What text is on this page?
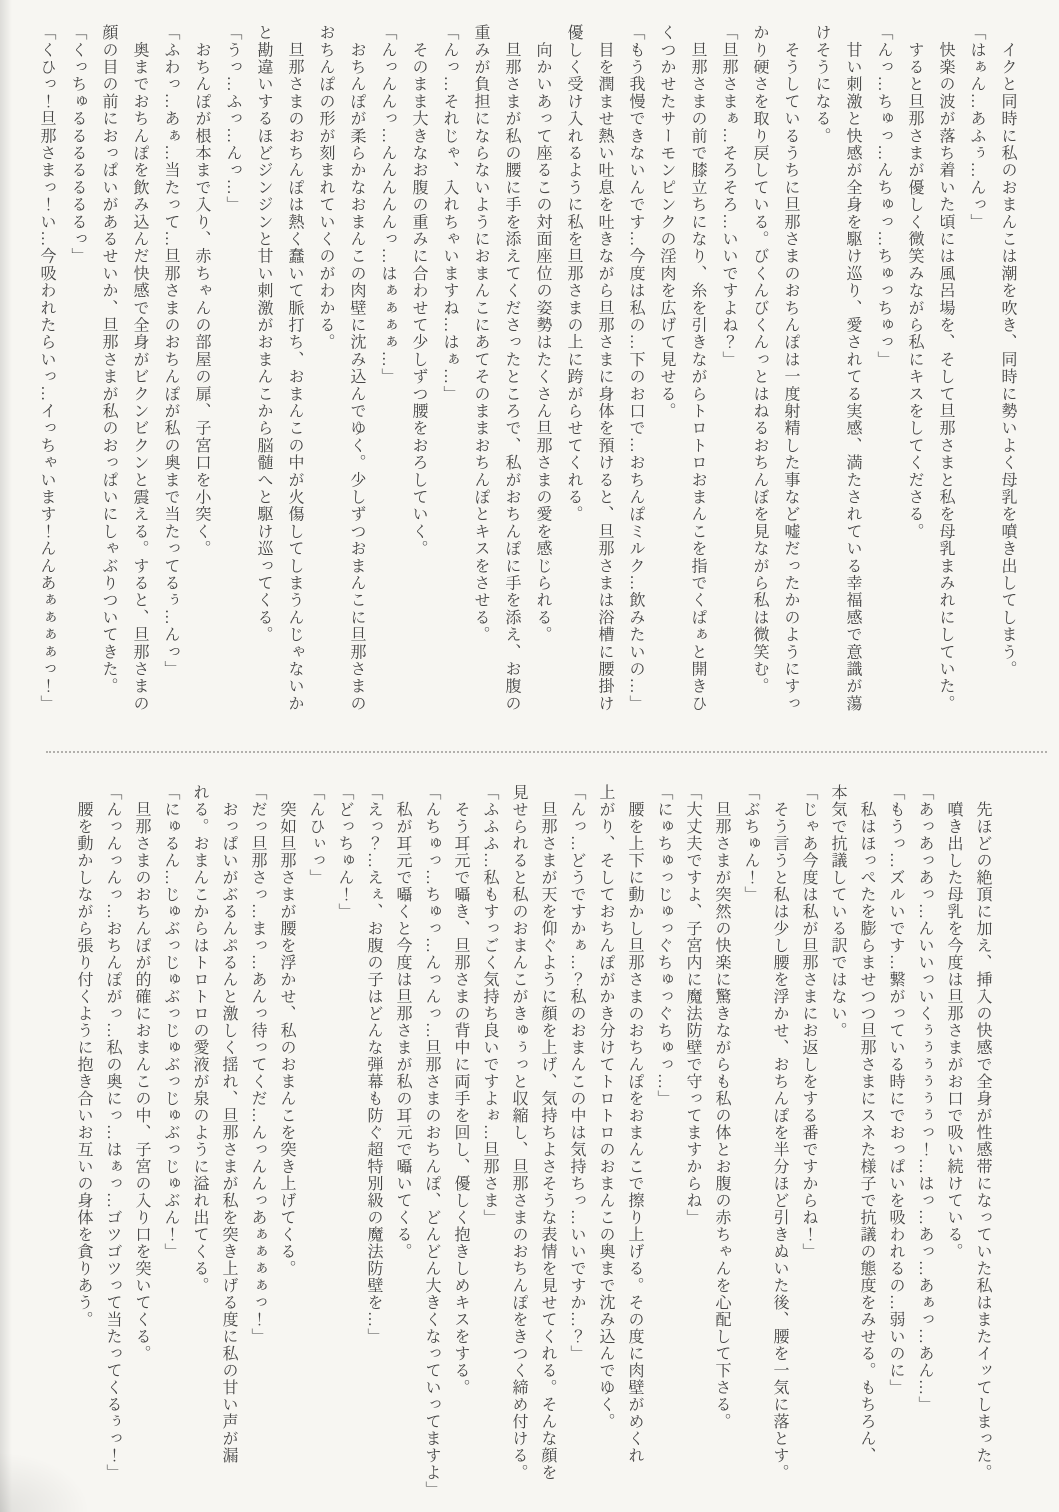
　イクと同時に私のおまんこは潮を吹き、同時に勢いよく母乳を噴き出してしまう。

「はぁん…あふぅ…んっ」

　快楽の波が落ち着いた頃には風呂場を、そして旦那さまと私を母乳まみれにしていた。

　すると旦那さまが優しく微笑みながら私にキスをしてくださる。

「んっ…ちゅっ…んちゅっ…ちゅっちゅっ」

　甘い刺激と快感が全身を駆け巡り、愛されてる実感、満たされている幸福感で意識が蕩

けそうになる。

　そうしているうちに旦那さまのおちんぽは一度射精した事など嘘だったかのようにすっ

かり硬さを取り戻している。びくんびくんっとはねるおちんぼを見ながら私は微笑む。

「旦那さまぁ…そろそろ…いいですよね？」

　旦那さまの前で膝立ちになり、糸を引きながらトロトロおまんこを指でくぱぁと開きひ

くつかせたサーモンピンクの淫肉を広げて見せる。

「もう我慢できないんです…今度は私の…下のお口で…おちんぽミルク…飲みたいの…」

　目を潤ませ熱い吐息を吐きながら旦那さまに身体を預けると、旦那さまは浴槽に腰掛け

優しく受け入れるように私を旦那さまの上に跨がらせてくれる。

　向かいあって座るこの対面座位の姿勢はたくさん旦那さまの愛を感じられる。

　旦那さまが私の腰に手を添えてくださったところで、私がおちんぽに手を添え、お腹の

重みが負担にならないようにおまんこにあてそのままおちんぽとキスをさせる。

「んっ…それじゃ、入れちゃいますね…はぁ…」

　そのまま大きなお腹の重みに合わせて少しずつ腰をおろしていく。

「んっんんっ…んんんんんっ…はぁぁぁぁ…」

　おちんぽが柔らかなおまんこの肉壁に沈み込んでゆく。少しずつおまんこに旦那さまの

おちんぽの形が刻まれていくのがわかる。

　旦那さまのおちんぽは熱く蠢いて脈打ち、おまんこの中が火傷してしまうんじゃないか

と勘違いするほどジンジンと甘い刺激がおまんこから脳髄へと駆け巡ってくる。

「うっ…ふっ…んっ…」

　おちんぽが根本まで入り、赤ちゃんの部屋の扉、子宮口を小突く。

「ふわっ…あぁ…当たって…旦那さまのおちんぽが私の奥まで当たってるぅ…んっ」

　奥までおちんぽを飲み込んだ快感で全身がビクンビクンと震える。すると、旦那さまの

顔の目の前におっぱいがあるせいか、旦那さまが私のおっぱいにしゃぶりついてきた。

「くっちゅるるるるるるるっ」

「くひっ！旦那さまっ！い…今吸われたらいっ…イっちゃいます！んんあぁぁぁぁっ！」

　先ほどの絶頂に加え、挿入の快感で全身が性感帯になっていた私はまたイッてしまった。

　噴き出した母乳を今度は旦那さまがお口で吸い続けている。

「あっあっあっ…んいいっいくぅぅぅぅぅぅっ！…はっ…あっ…あぁっ…あん…」

「もうっ…ズルいです…繋がっている時にでおっぱいを吸われるの…弱いのに」

　私はほっぺたを膨らませつつ旦那さまにスネた様子で抗議の態度をみせる。もちろん、

本気で抗議している訳ではない。

「じゃあ今度は私が旦那さまにお返しをする番ですからね！」

　そう言うと私は少し腰を浮かせ、おちんぽを半分ほど引きぬいた後、腰を一気に落とす。

「ぶちゅん！」

　旦那さまが突然の快楽に驚きながらも私の体とお腹の赤ちゃんを心配して下さる。

「大丈夫ですよ、子宮内に魔法防壁で守ってますからね」

「にゅちゅっじゅっぐちゅっぐちゅっ…」

　腰を上下に動かし旦那さまのおちんぽをおまんこで擦り上げる。その度に肉壁がめくれ

上がり、そしておちんぽがかき分けてトロトロのおまんこの奥まで沈み込んでゆく。

「んっ…どうですかぁ…？私のおまんこの中は気持ちっ…いいですか…？」

　旦那さまが天を仰ぐように顔を上げ、気持ちよさそうな表情を見せてくれる。そんな顔を

見せられると私のおまんこがきゅぅっと収縮し、旦那さまのおちんぽをきつく締め付ける。

「ふふふ…私もすっごく気持ち良いですよぉ…旦那さま」

　そう耳元で囁き、旦那さまの背中に両手を回し、優しく抱きしめキスをする。

「んちゅっ…ちゅっ…んっんっ…旦那さまのおちんぽ、どんどん大きくなっていってますよ」

　私が耳元で囁くと今度は旦那さまが私の耳元で囁いてくる。

「えっ？…えぇ、お腹の子はどんな弾幕も防ぐ超特別級の魔法防壁を…」

「どっちゅん！」

「んひぃっ」

　突如旦那さまが腰を浮かせ、私のおまんこを突き上げてくる。

「だっ旦那さっ…まっ…あんっ待ってくだ…んっんんっあぁぁぁぁっ！」

　おっぱいがぶるんぷるんと激しく揺れ、旦那さまが私を突き上げる度に私の甘い声が漏

れる。おまんこからはトロトロの愛液が泉のように溢れ出てくる。

「にゅるん…じゅぶっじゅぶっじゅぶっじゅぶっじゅぶん！」

　旦那さまのおちんぽが的確におまんこの中、子宮の入り口を突いてくる。

「んっんっんっ…おちんぽがっ…私の奥にっ…はぁっ…ゴツゴツって当たってくるぅっ！」

　腰を動かしながら張り付くように抱き合いお互いの身体を貪りあう。
